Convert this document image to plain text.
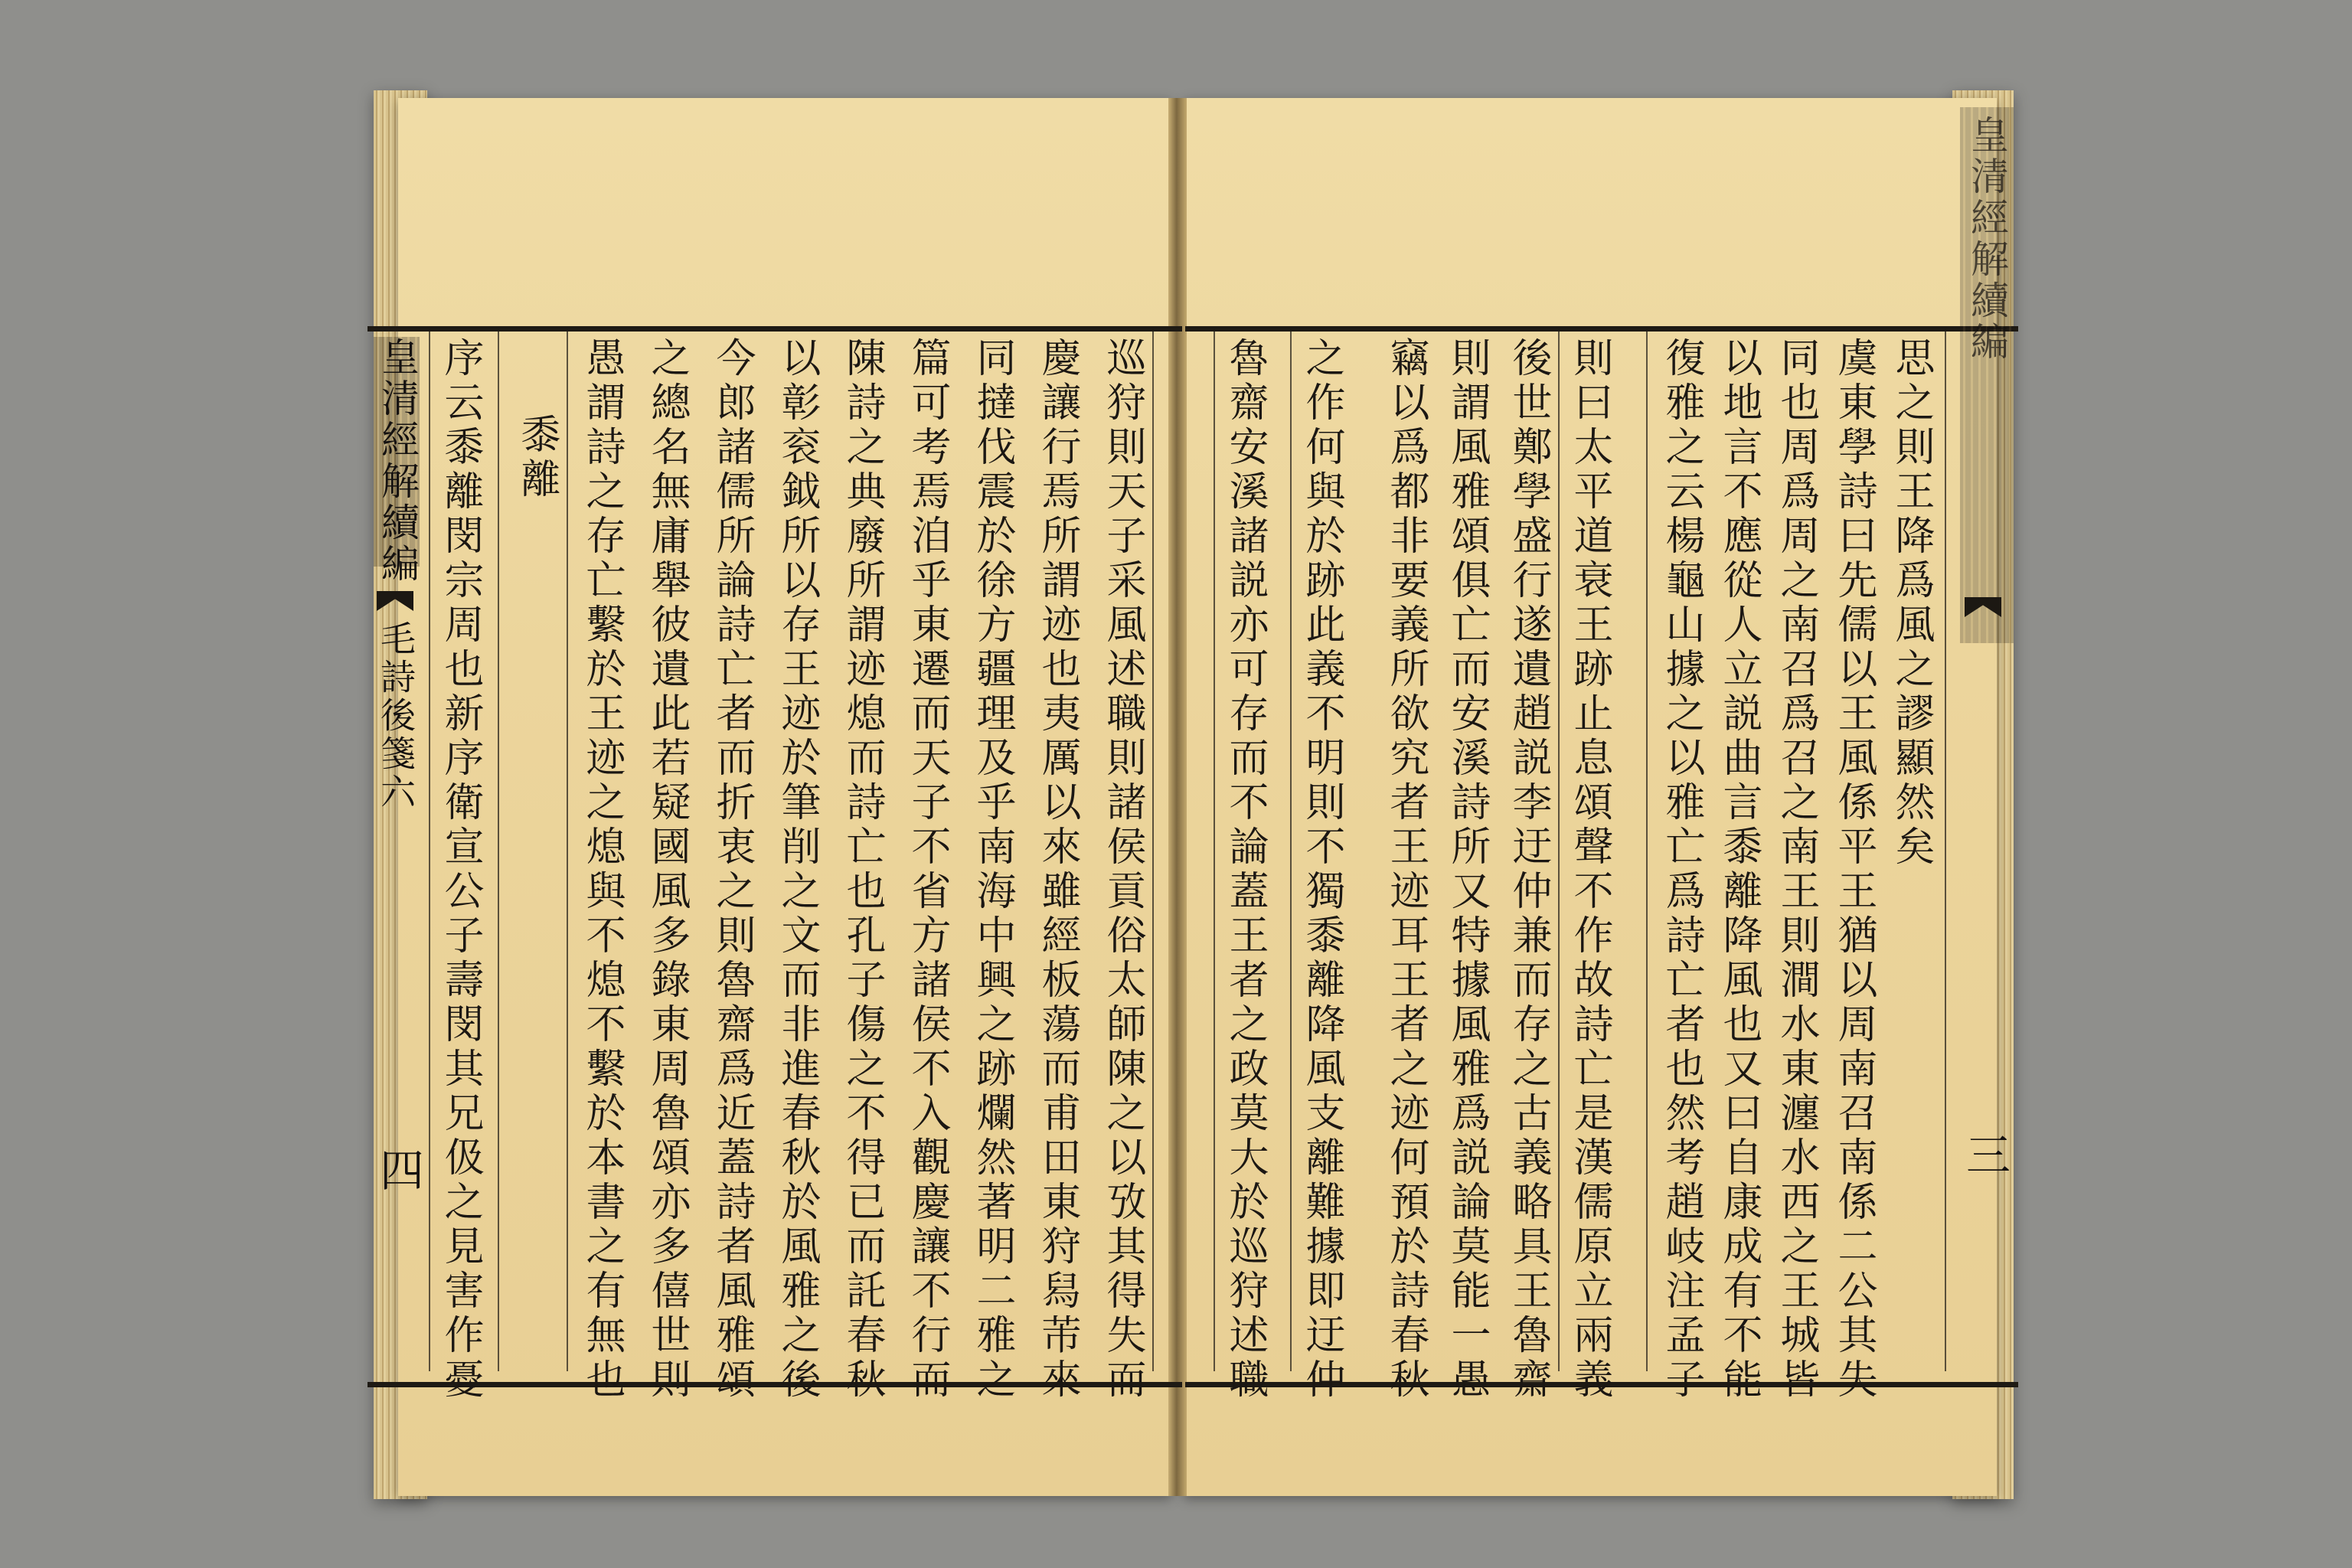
思之則王降爲風之謬顯然矣
虞東學詩曰先儒以王風係平王猶以周南召南係二公其失
同也周爲周之南召爲召之南王則澗水東瀍水西之王城皆
以地言不應從人立説曲言黍離降風也又曰自康成有不能
復雅之云楊龜山據之以雅亡爲詩亡者也然考趙岐注孟子
則曰太平道衰王跡止息頌聲不作故詩亡是漢儒原立兩義
後世鄭學盛行遂遺趙説李迂仲兼而存之古義略具王魯齋
則謂風雅頌俱亡而安溪詩所又特據風雅爲説論莫能一愚
竊以爲都非要義所欲究者王迹耳王者之迹何預於詩春秋
之作何與於跡此義不明則不獨黍離降風支離難據即迂仲
魯齋安溪諸説亦可存而不論蓋王者之政莫大於巡狩述職
皇清經解續編
三
巡狩則天子采風述職則諸侯貢俗太師陳之以攷其得失而
慶讓行焉所謂迹也夷厲以來雖經板蕩而甫田東狩舄芾來
同撻伐震於徐方疆理及乎南海中興之跡爛然著明二雅之
篇可考焉洎乎東遷而天子不省方諸侯不入觀慶讓不行而
陳詩之典廢所謂迹熄而詩亡也孔子傷之不得已而託春秋
以彰衮鉞所以存王迹於筆削之文而非進春秋於風雅之後
今郎諸儒所論詩亡者而折衷之則魯齋爲近蓋詩者風雅頌
之總名無庸舉彼遺此若疑國風多錄東周魯頌亦多僖世則
愚謂詩之存亡繫於王迹之熄與不熄不繫於本書之有無也
黍離
序云黍離閔宗周也新序衛宣公子壽閔其兄伋之見害作憂
皇清經解續編
毛詩後箋六
四
